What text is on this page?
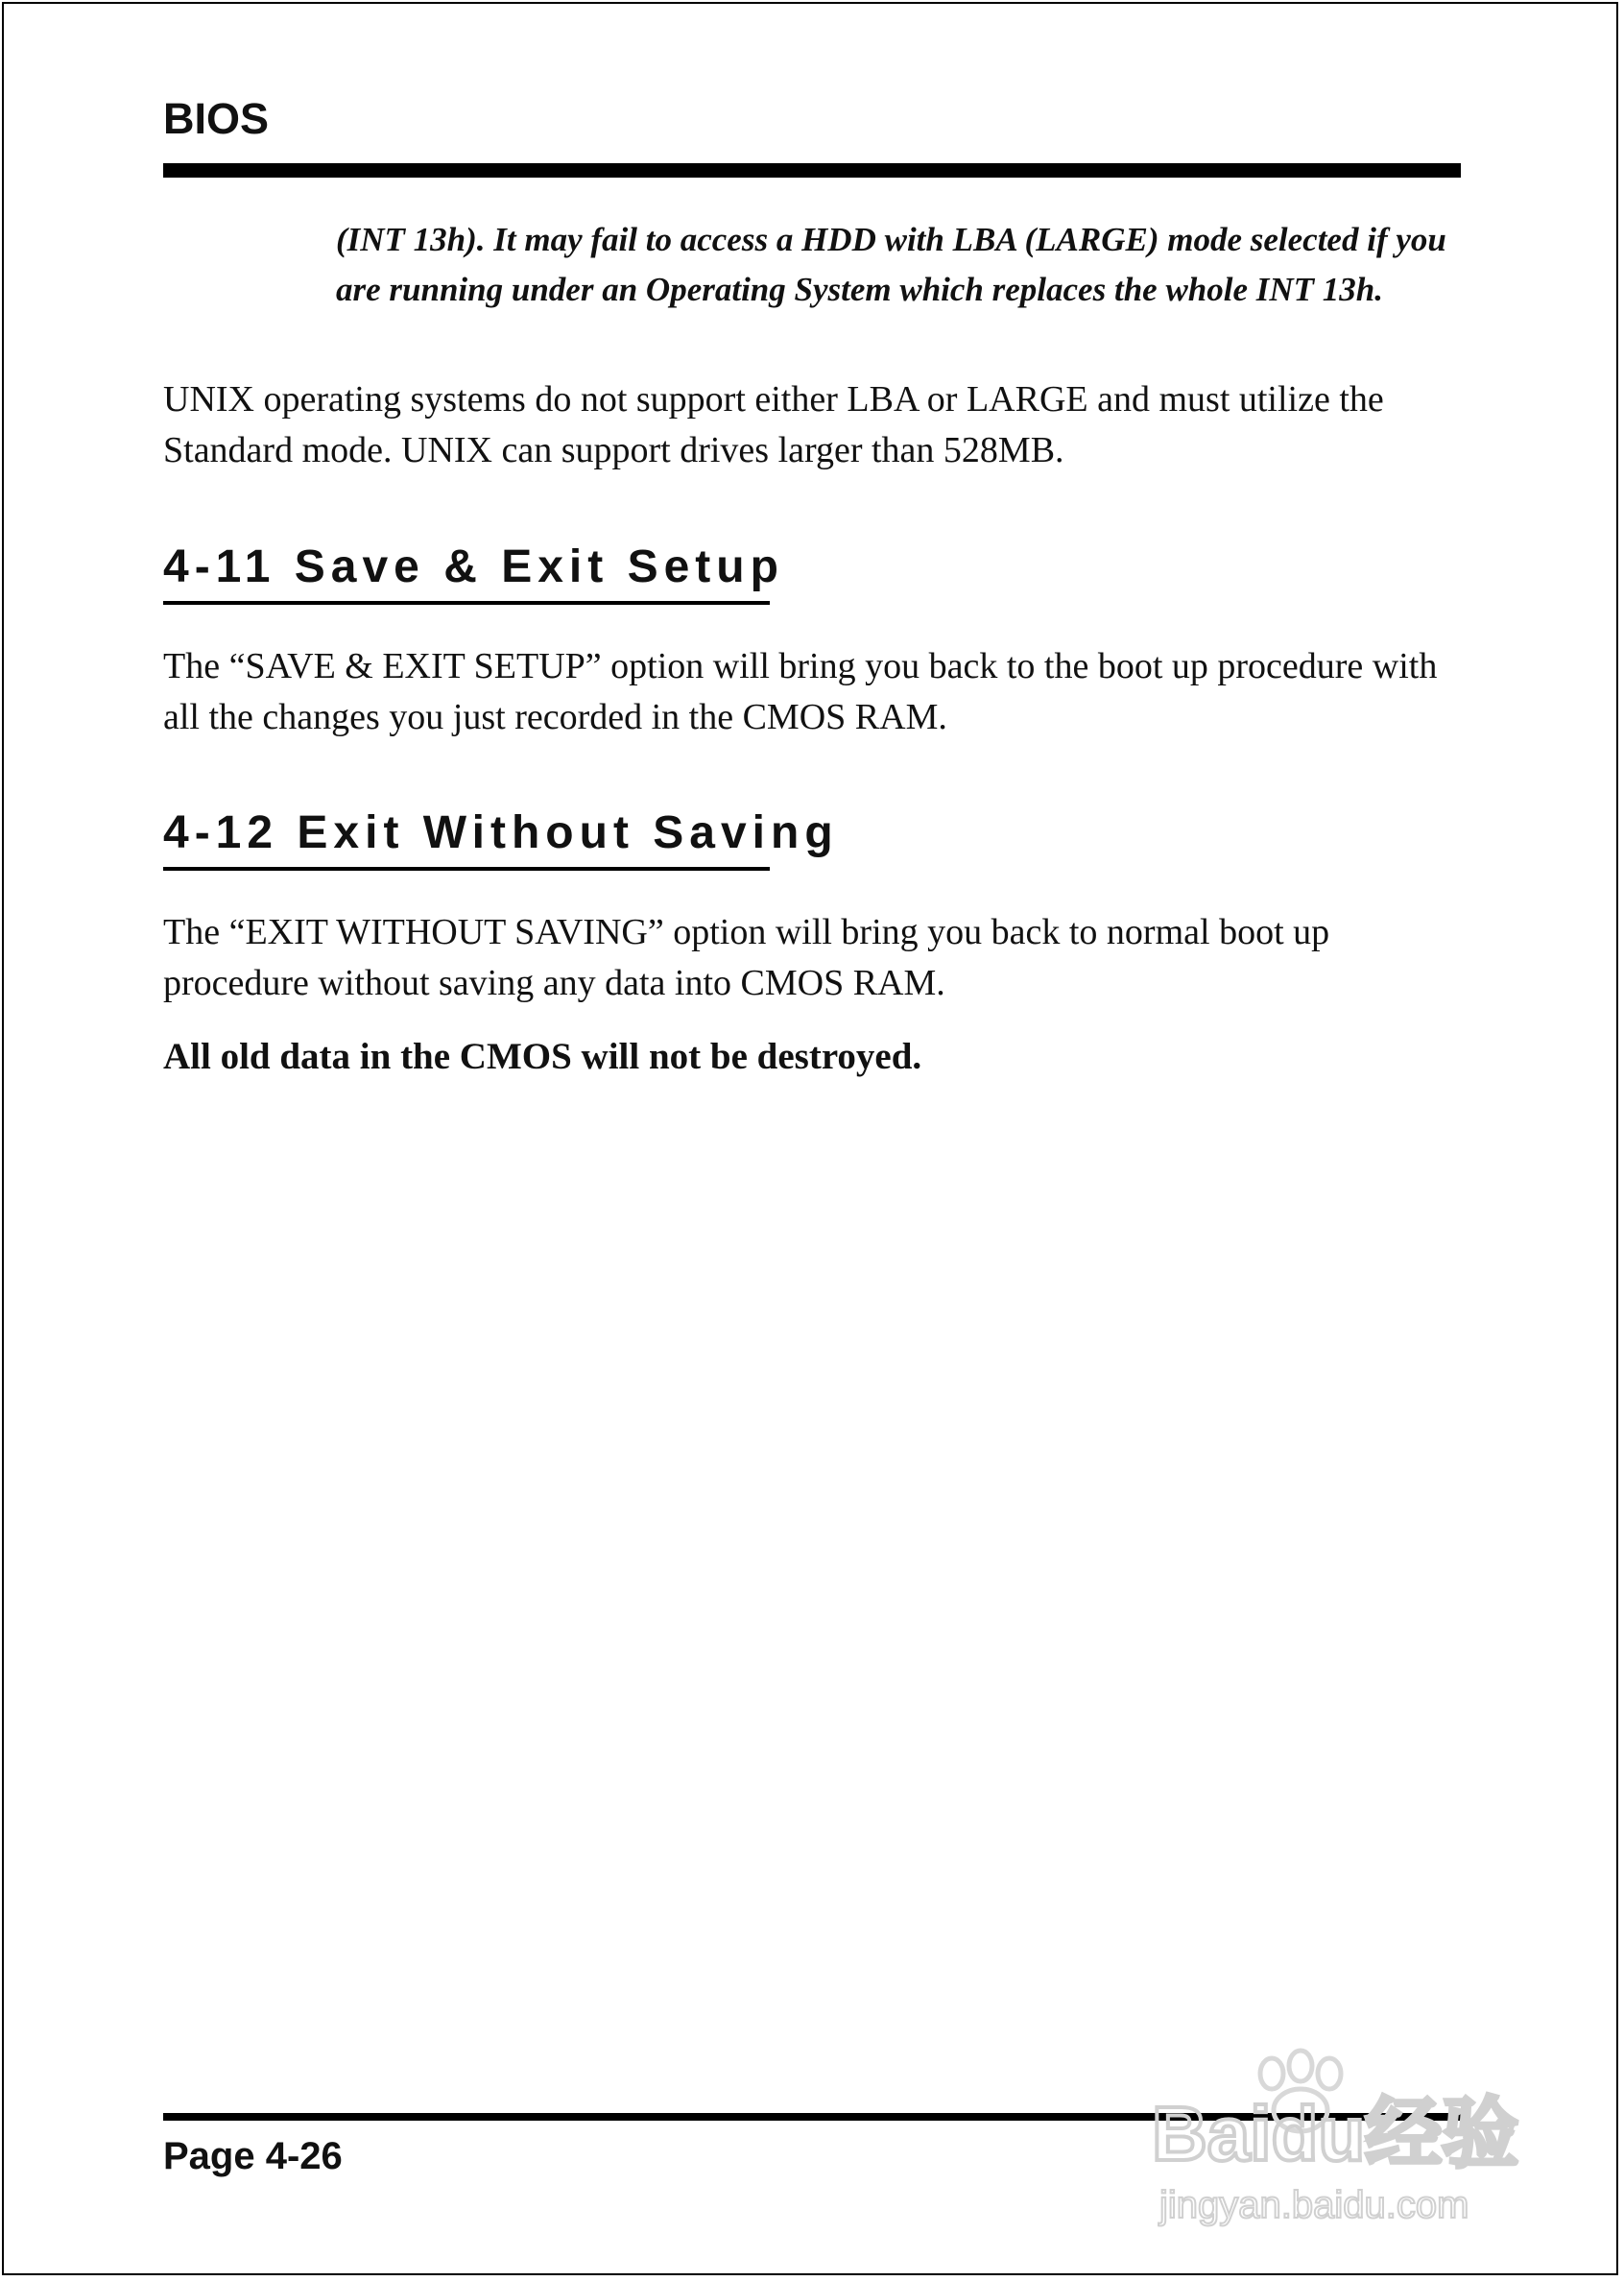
BIOS

(INT 13h). It may fail to access a HDD with LBA (LARGE) mode selected if you are running under an Operating System which replaces the whole INT 13h.

UNIX operating systems do not support either LBA or LARGE and must utilize the Standard mode. UNIX can support drives larger than 528MB.

4-11 Save & Exit Setup

The “SAVE & EXIT SETUP” option will bring you back to the boot up procedure with all the changes you just recorded in the CMOS RAM.

4-12 Exit Without Saving

The “EXIT WITHOUT SAVING” option will bring you back to normal boot up procedure without saving any data into CMOS RAM.

All old data in the CMOS will not be destroyed.

Page 4-26	Baidu经验
jingyan.baidu.com
